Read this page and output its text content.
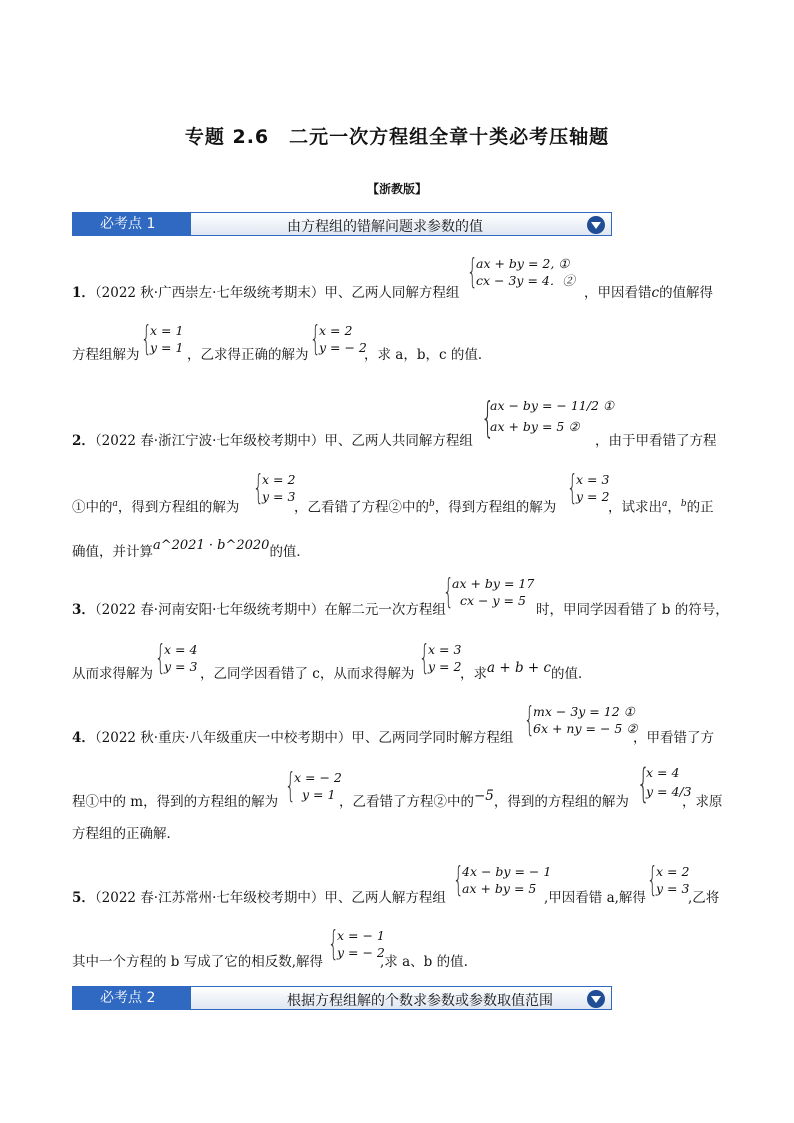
专题 2.6　二元一次方程组全章十类必考压轴题
【浙教版】
必考点 1	由方程组的错解问题求参数的值
1．（2022 秋·广西崇左·七年级统考期末）甲、乙两人同解方程组
{
ax + by = 2, ①
cx − 3y = 4．②
，甲因看错c的值解得
方程组解为 {
x = 1
y = 1 ，乙求得正确的解为 {
x = 2
y = − 2
，求 a，b，c 的值．
2．（2022 春·浙江宁波·七年级校考期中）甲、乙两人共同解方程组 {
ax − by = − 11/2 ①
ax + by = 5 ②
，由于甲看错了方程
①中的$^a$，得到方程组的解为 {
x = 2
y = 3
，乙看错了方程②中的$^b$，得到方程组的解为 {
x = 3
y = 2
，试求出$^a$，$^b$的正
确值，并计算a^2021 · b^2020的值．
3．（2022 春·河南安阳·七年级统考期中）在解二元一次方程组
{
ax + by = 17
cx − y = 5
时，甲同学因看错了 b 的符号，
从而求得解为 {
x = 4
y = 3 ，乙同学因看错了 c，从而求得解为 {
x = 3
y = 2
，求a + b + c的值．
4．（2022 秋·重庆·八年级重庆一中校考期中）甲、乙两同学同时解方程组 {
mx − 3y = 12 ①
6x + ny = − 5 ②
，甲看错了方
程①中的 m，得到的方程组的解为 {
x = − 2
y = 1 ，乙看错了方程②中的−5，得到的方程组的解为 {
x = 4
y = 4/3
，求原
方程组的正确解．
5．（2022 春·江苏常州·七年级校考期中）甲、乙两人解方程组 {
4x − by = − 1
ax + by = 5
,甲因看错 a,解得 {
x = 2
y = 3
,乙将
其中一个方程的 b 写成了它的相反数,解得 {
x = − 1
y = − 2
,求 a、b 的值.
必考点 2	根据方程组解的个数求参数或参数取值范围
